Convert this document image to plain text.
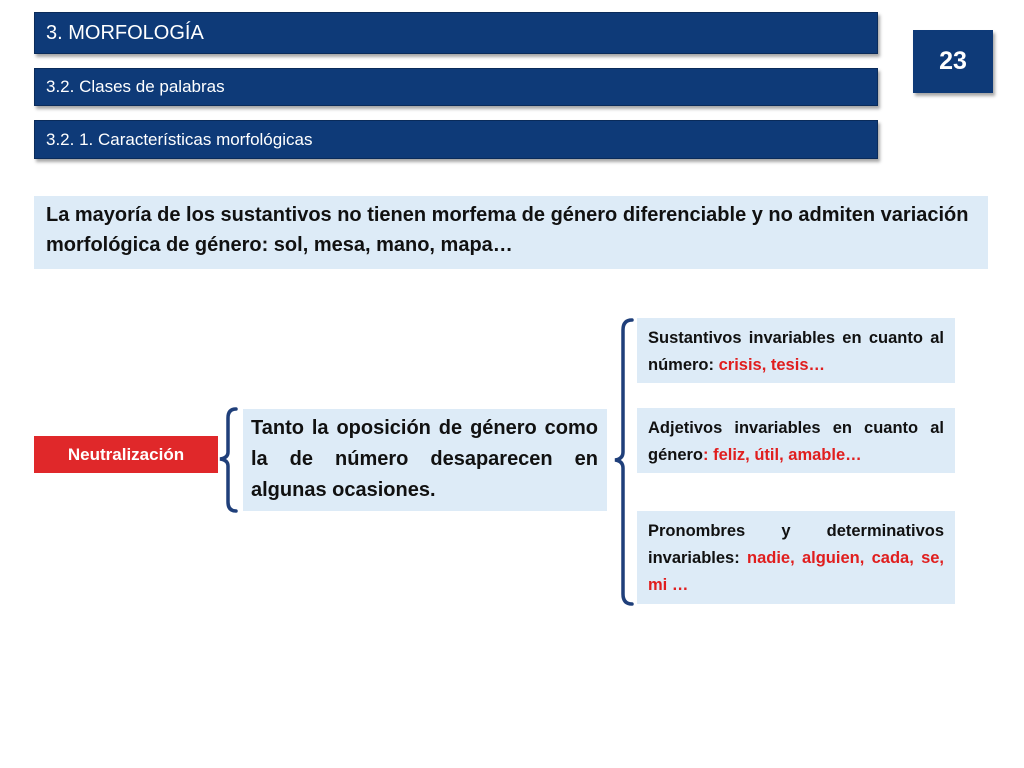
3. MORFOLOGÍA
3.2. Clases de palabras
3.2. 1. Características morfológicas
23
La mayoría de los sustantivos no tienen morfema de género diferenciable y no admiten variación morfológica de género: sol, mesa, mano, mapa…
Neutralización
Tanto la oposición de género como la de número desaparecen en algunas ocasiones.
Sustantivos invariables en cuanto al número: crisis, tesis…
Adjetivos invariables en cuanto al género: feliz, útil, amable…
Pronombres y determinativos invariables: nadie, alguien, cada, se, mi …
